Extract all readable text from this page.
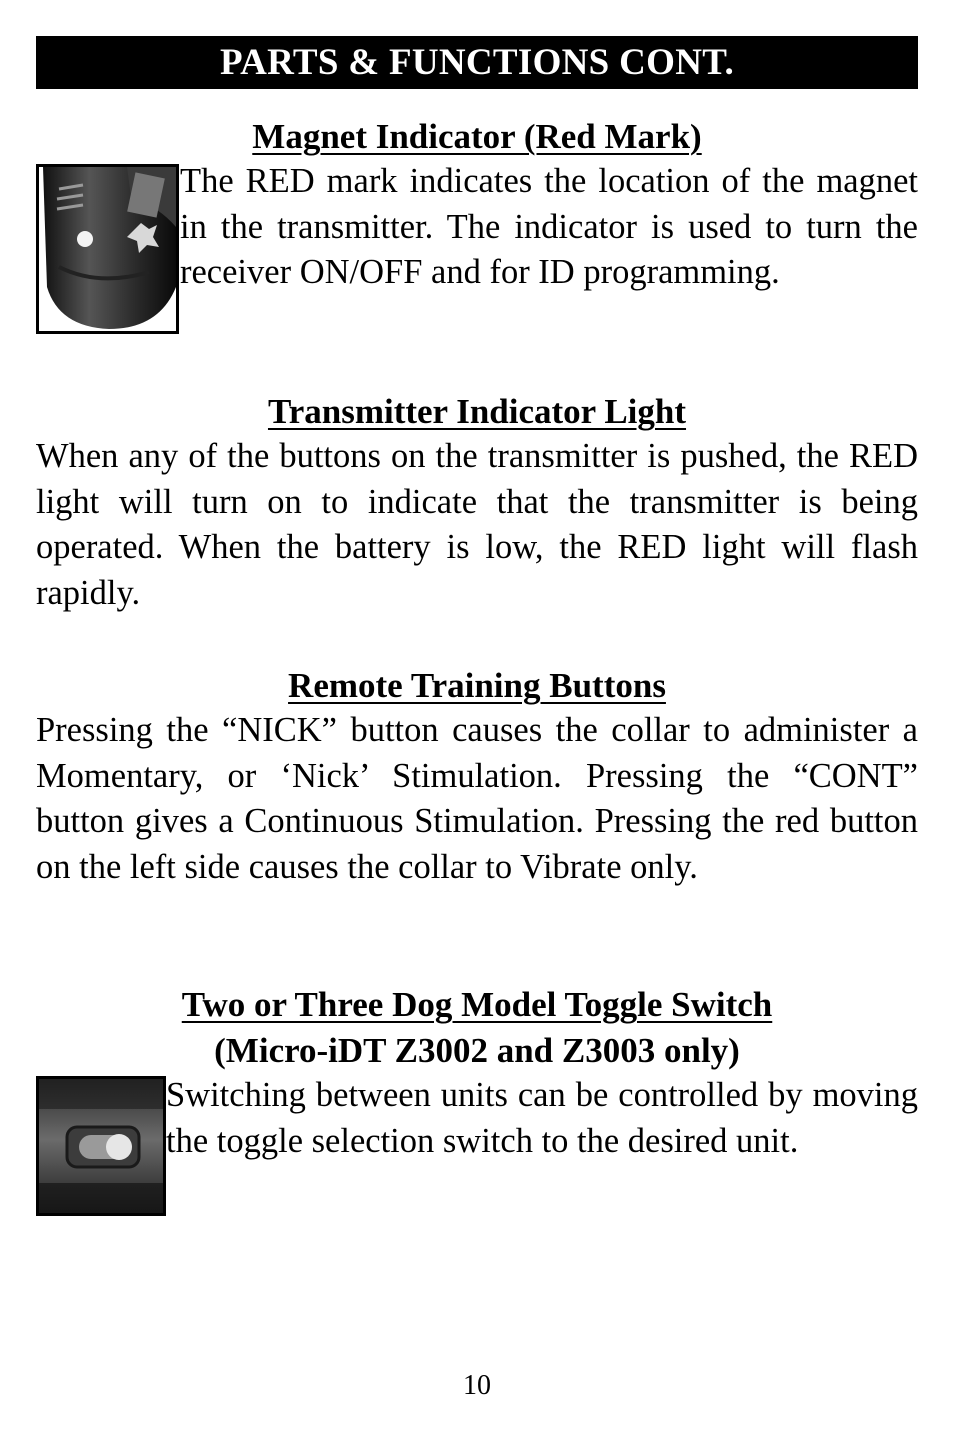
PARTS & FUNCTIONS CONT.
Magnet Indicator (Red Mark)
The RED mark indicates the location of the magnet in the transmitter. The indicator is used to turn the receiver ON/OFF and for ID programming.
Transmitter Indicator Light
When any of the buttons on the transmitter is pushed, the RED light will turn on to indicate that the transmitter is being operated. When the battery is low, the RED light will flash rapidly.
Remote Training Buttons
Pressing the “NICK” button causes the collar to administer a Momentary, or ‘Nick’ Stimulation. Pressing the “CONT” button gives a Continuous Stimulation. Pressing the red button on the left side causes the collar to Vibrate only.
Two or Three Dog Model Toggle Switch
(Micro-iDT Z3002 and Z3003 only)
Switching between units can be controlled by moving the toggle selection switch to the desired unit.
10
